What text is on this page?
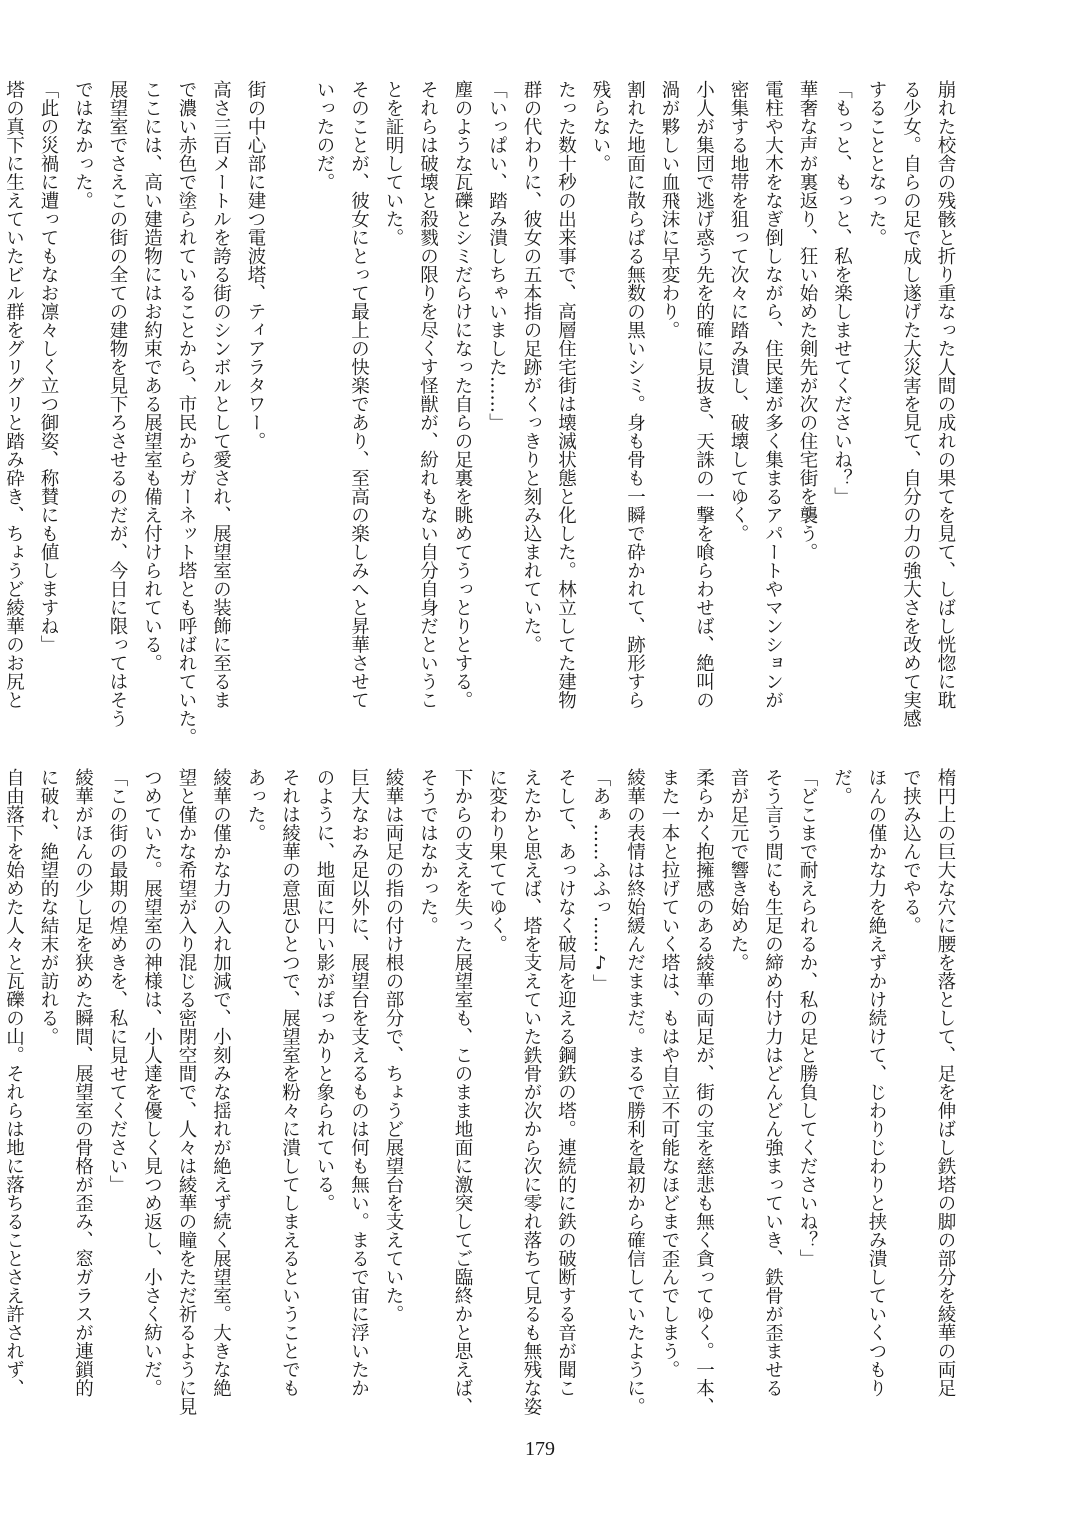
崩れた校舎の残骸と折り重なった人間の成れの果てを見て、しばし恍惚に耽
る少女。自らの足で成し遂げた大災害を見て、自分の力の強大さを改めて実感
することとなった。
「もっと、もっと、私を楽しませてくださいね？」
華奢な声が裏返り、狂い始めた剣先が次の住宅街を襲う。
電柱や大木をなぎ倒しながら、住民達が多く集まるアパートやマンションが
密集する地帯を狙って次々に踏み潰し、破壊してゆく。
小人が集団で逃げ惑う先を的確に見抜き、天誅の一撃を喰らわせば、絶叫の
渦が夥しい血飛沫に早変わり。
割れた地面に散らばる無数の黒いシミ。身も骨も一瞬で砕かれて、跡形すら
残らない。
たった数十秒の出来事で、高層住宅街は壊滅状態と化した。林立してた建物
群の代わりに、彼女の五本指の足跡がくっきりと刻み込まれていた。
「いっぱい、踏み潰しちゃいました……」
塵のような瓦礫とシミだらけになった自らの足裏を眺めてうっとりとする。
それらは破壊と殺戮の限りを尽くす怪獣が、紛れもない自分自身だというこ
とを証明していた。
そのことが、彼女にとって最上の快楽であり、至高の楽しみへと昇華させて
いったのだ。

街の中心部に建つ電波塔、ティアラタワー。
高さ三百メートルを誇る街のシンボルとして愛され、展望室の装飾に至るま
で濃い赤色で塗られていることから、市民からガーネット塔とも呼ばれていた。
ここには、高い建造物にはお約束である展望室も備え付けられている。
展望室でさえこの街の全ての建物を見下ろさせるのだが、今日に限ってはそう
ではなかった。
「此の災禍に遭ってもなお凛々しく立つ御姿、称賛にも値しますね」
塔の真下に生えていたビル群をグリグリと踏み砕き、ちょうど綾華のお尻と
楕円上の巨大な穴に腰を落として、足を伸ばし鉄塔の脚の部分を綾華の両足
で挟み込んでやる。
ほんの僅かな力を絶えずかけ続けて、じわりじわりと挟み潰していくつもり
だ。
「どこまで耐えられるか、私の足と勝負してくださいね？」
そう言う間にも生足の締め付け力はどんどん強まっていき、鉄骨が歪ませる
音が足元で響き始めた。
柔らかく抱擁感のある綾華の両足が、街の宝を慈悲も無く貪ってゆく。一本、
また一本と拉げていく塔は、もはや自立不可能なほどまで歪んでしまう。
綾華の表情は終始緩んだままだ。まるで勝利を最初から確信していたように。
「あぁ……ふふっ……♪」
そして、あっけなく破局を迎える鋼鉄の塔。連続的に鉄の破断する音が聞こ
えたかと思えば、塔を支えていた鉄骨が次から次に零れ落ちて見るも無残な姿
に変わり果ててゆく。
下からの支えを失った展望室も、このまま地面に激突してご臨終かと思えば、
そうではなかった。
綾華は両足の指の付け根の部分で、ちょうど展望台を支えていた。
巨大なおみ足以外に、展望台を支えるものは何も無い。まるで宙に浮いたか
のように、地面に円い影がぽっかりと象られている。
それは綾華の意思ひとつで、展望室を粉々に潰してしまえるということでも
あった。
綾華の僅かな力の入れ加減で、小刻みな揺れが絶えず続く展望室。大きな絶
望と僅かな希望が入り混じる密閉空間で、人々は綾華の瞳をただ祈るように見
つめていた。展望室の神様は、小人達を優しく見つめ返し、小さく紡いだ。
「この街の最期の煌めきを、私に見せてください」
綾華がほんの少し足を狭めた瞬間、展望室の骨格が歪み、窓ガラスが連鎖的
に破れ、絶望的な結末が訪れる。
自由落下を始めた人々と瓦礫の山。それらは地に落ちることさえ許されず、
179
